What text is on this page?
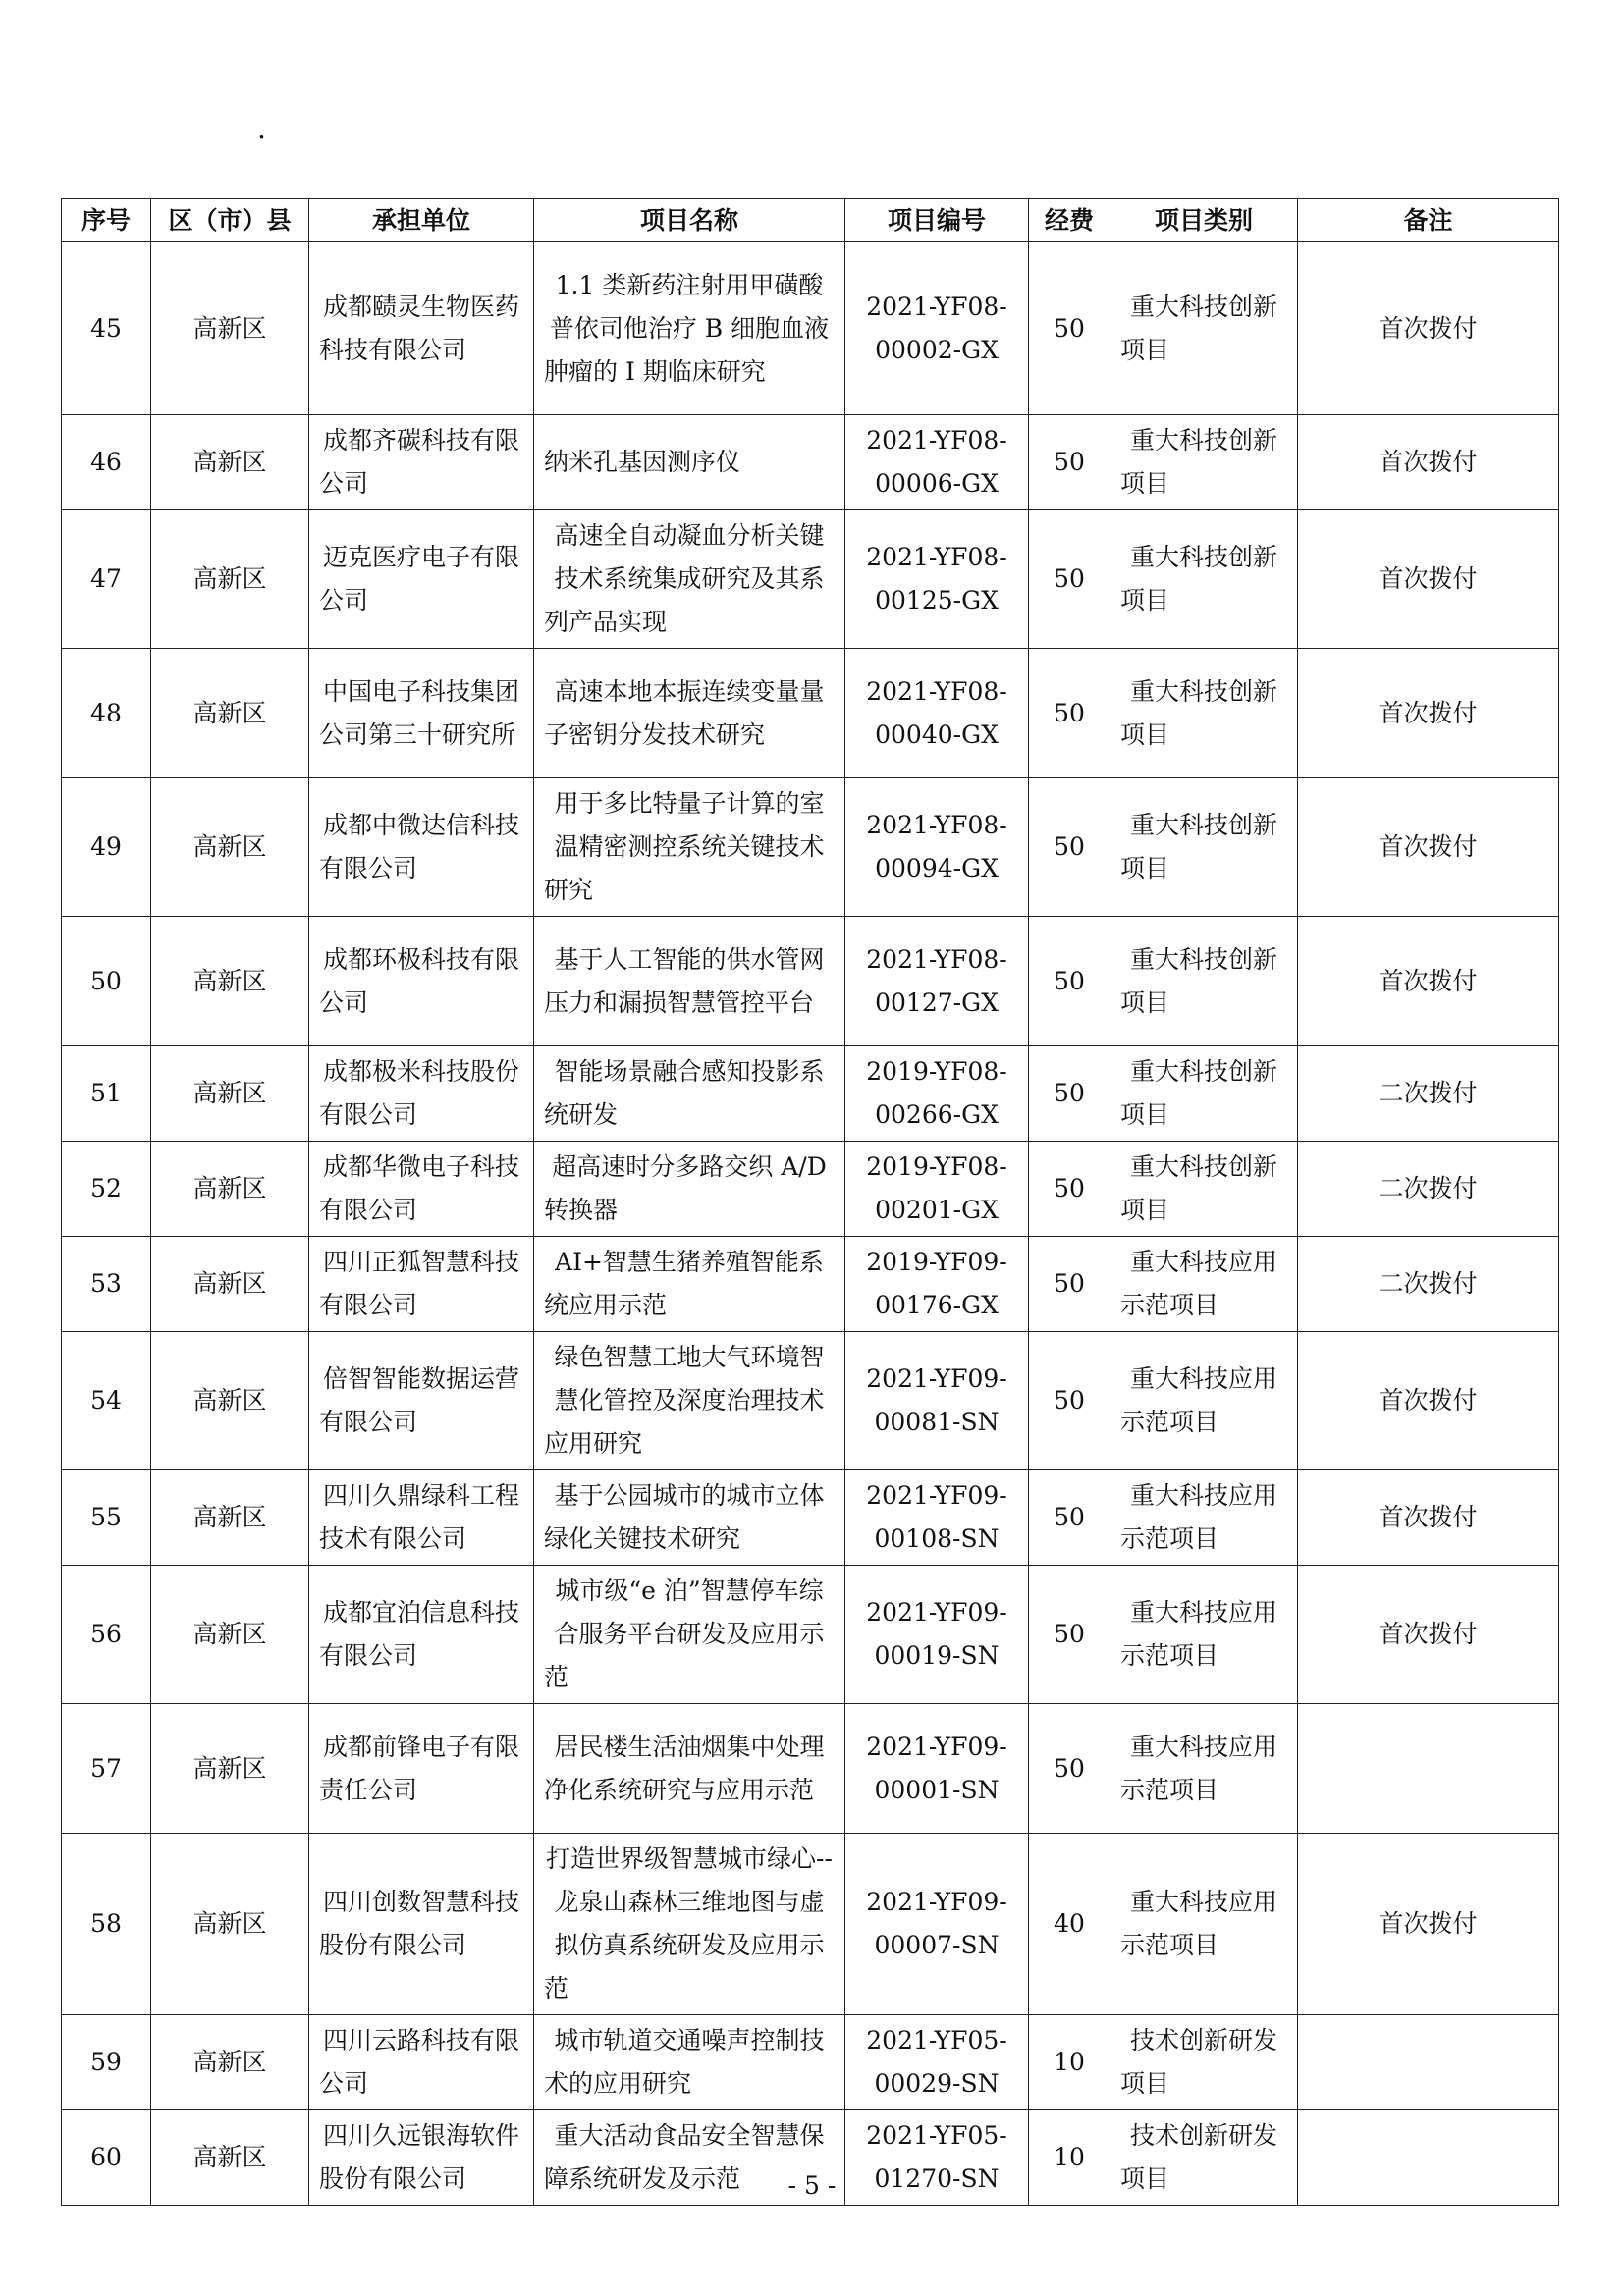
.
序号	区（市）县	承担单位	项目名称	项目编号	经费	项目类别	备注
45	高新区	成都赜灵生物医药科技有限公司	1.1 类新药注射用甲磺酸普依司他治疗 B 细胞血液肿瘤的 I 期临床研究	2021-YF08-00002-GX	50	重大科技创新项目	首次拨付
46	高新区	成都齐碳科技有限公司	纳米孔基因测序仪	2021-YF08-00006-GX	50	重大科技创新项目	首次拨付
47	高新区	迈克医疗电子有限公司	高速全自动凝血分析关键技术系统集成研究及其系列产品实现	2021-YF08-00125-GX	50	重大科技创新项目	首次拨付
48	高新区	中国电子科技集团公司第三十研究所	高速本地本振连续变量量子密钥分发技术研究	2021-YF08-00040-GX	50	重大科技创新项目	首次拨付
49	高新区	成都中微达信科技有限公司	用于多比特量子计算的室温精密测控系统关键技术研究	2021-YF08-00094-GX	50	重大科技创新项目	首次拨付
50	高新区	成都环极科技有限公司	基于人工智能的供水管网压力和漏损智慧管控平台	2021-YF08-00127-GX	50	重大科技创新项目	首次拨付
51	高新区	成都极米科技股份有限公司	智能场景融合感知投影系统研发	2019-YF08-00266-GX	50	重大科技创新项目	二次拨付
52	高新区	成都华微电子科技有限公司	超高速时分多路交织 A/D 转换器	2019-YF08-00201-GX	50	重大科技创新项目	二次拨付
53	高新区	四川正狐智慧科技有限公司	AI+智慧生猪养殖智能系统应用示范	2019-YF09-00176-GX	50	重大科技应用示范项目	二次拨付
54	高新区	倍智智能数据运营有限公司	绿色智慧工地大气环境智慧化管控及深度治理技术应用研究	2021-YF09-00081-SN	50	重大科技应用示范项目	首次拨付
55	高新区	四川久鼎绿科工程技术有限公司	基于公园城市的城市立体绿化关键技术研究	2021-YF09-00108-SN	50	重大科技应用示范项目	首次拨付
56	高新区	成都宜泊信息科技有限公司	城市级“e 泊”智慧停车综合服务平台研发及应用示范	2021-YF09-00019-SN	50	重大科技应用示范项目	首次拨付
57	高新区	成都前锋电子有限责任公司	居民楼生活油烟集中处理净化系统研究与应用示范	2021-YF09-00001-SN	50	重大科技应用示范项目	
58	高新区	四川创数智慧科技股份有限公司	打造世界级智慧城市绿心--龙泉山森林三维地图与虚拟仿真系统研发及应用示范	2021-YF09-00007-SN	40	重大科技应用示范项目	首次拨付
59	高新区	四川云路科技有限公司	城市轨道交通噪声控制技术的应用研究	2021-YF05-00029-SN	10	技术创新研发项目	
60	高新区	四川久远银海软件股份有限公司	重大活动食品安全智慧保障系统研发及示范	2021-YF05-01270-SN	10	技术创新研发项目	
- 5 -
